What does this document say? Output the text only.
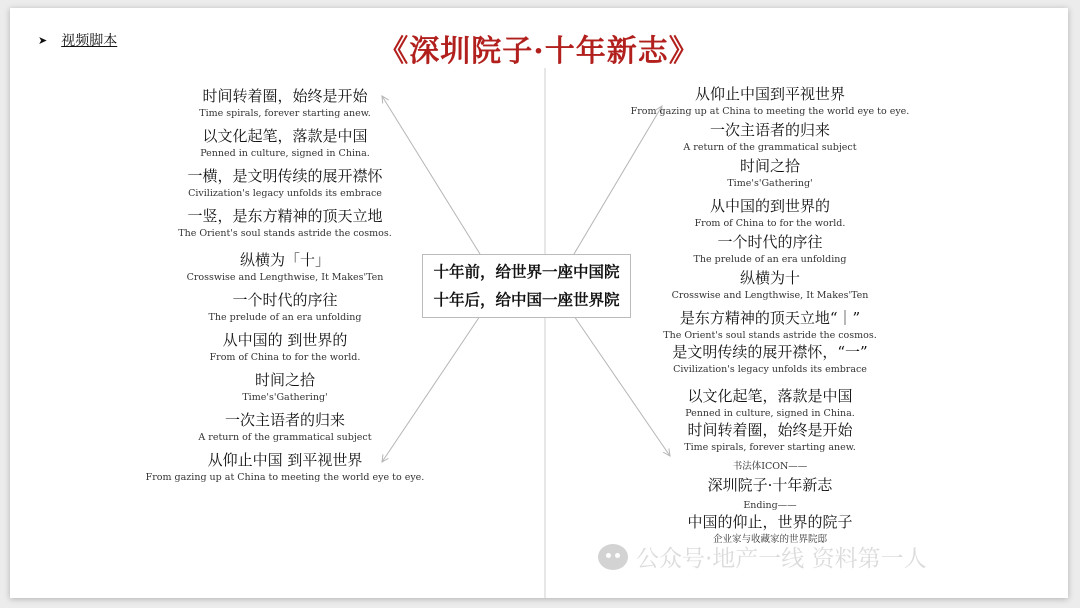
➤ 视频脚本	《深圳院子·十年新志》
十年前，给世界一座中国院
十年后，给中国一座世界院
时间转着圈，始终是开始
Time spirals, forever starting anew.
以文化起笔，落款是中国
Penned in culture, signed in China.
一横，是文明传续的展开襟怀
Civilization's legacy unfolds its embrace
一竖，是东方精神的顶天立地
The Orient's soul stands astride the cosmos.
纵横为「十」
Crosswise and Lengthwise, It Makes'Ten
一个时代的序往
The prelude of an era unfolding
从中国的 到世界的
From of China to for the world.
时间之拾
Time's'Gathering'
一次主语者的归来
A return of the grammatical subject
从仰止中国 到平视世界
From gazing up at China to meeting the world eye to eye.
从仰止中国到平视世界
From gazing up at China to meeting the world eye to eye.
一次主语者的归来
A return of the grammatical subject
时间之拾
Time's'Gathering'
从中国的到世界的
From of China to for the world.
一个时代的序往
The prelude of an era unfolding
纵横为十
Crosswise and Lengthwise, It Makes'Ten
是东方精神的顶天立地“｜”
The Orient's soul stands astride the cosmos.
是文明传续的展开襟怀，“一”
Civilization's legacy unfolds its embrace
以文化起笔，落款是中国
Penned in culture, signed in China.
时间转着圈，始终是开始
Time spirals, forever starting anew.
书法体ICON——
深圳院子·十年新志
Ending——
中国的仰止，世界的院子
企业家与收藏家的世界院邸
公众号·地产一线 资料第一人
